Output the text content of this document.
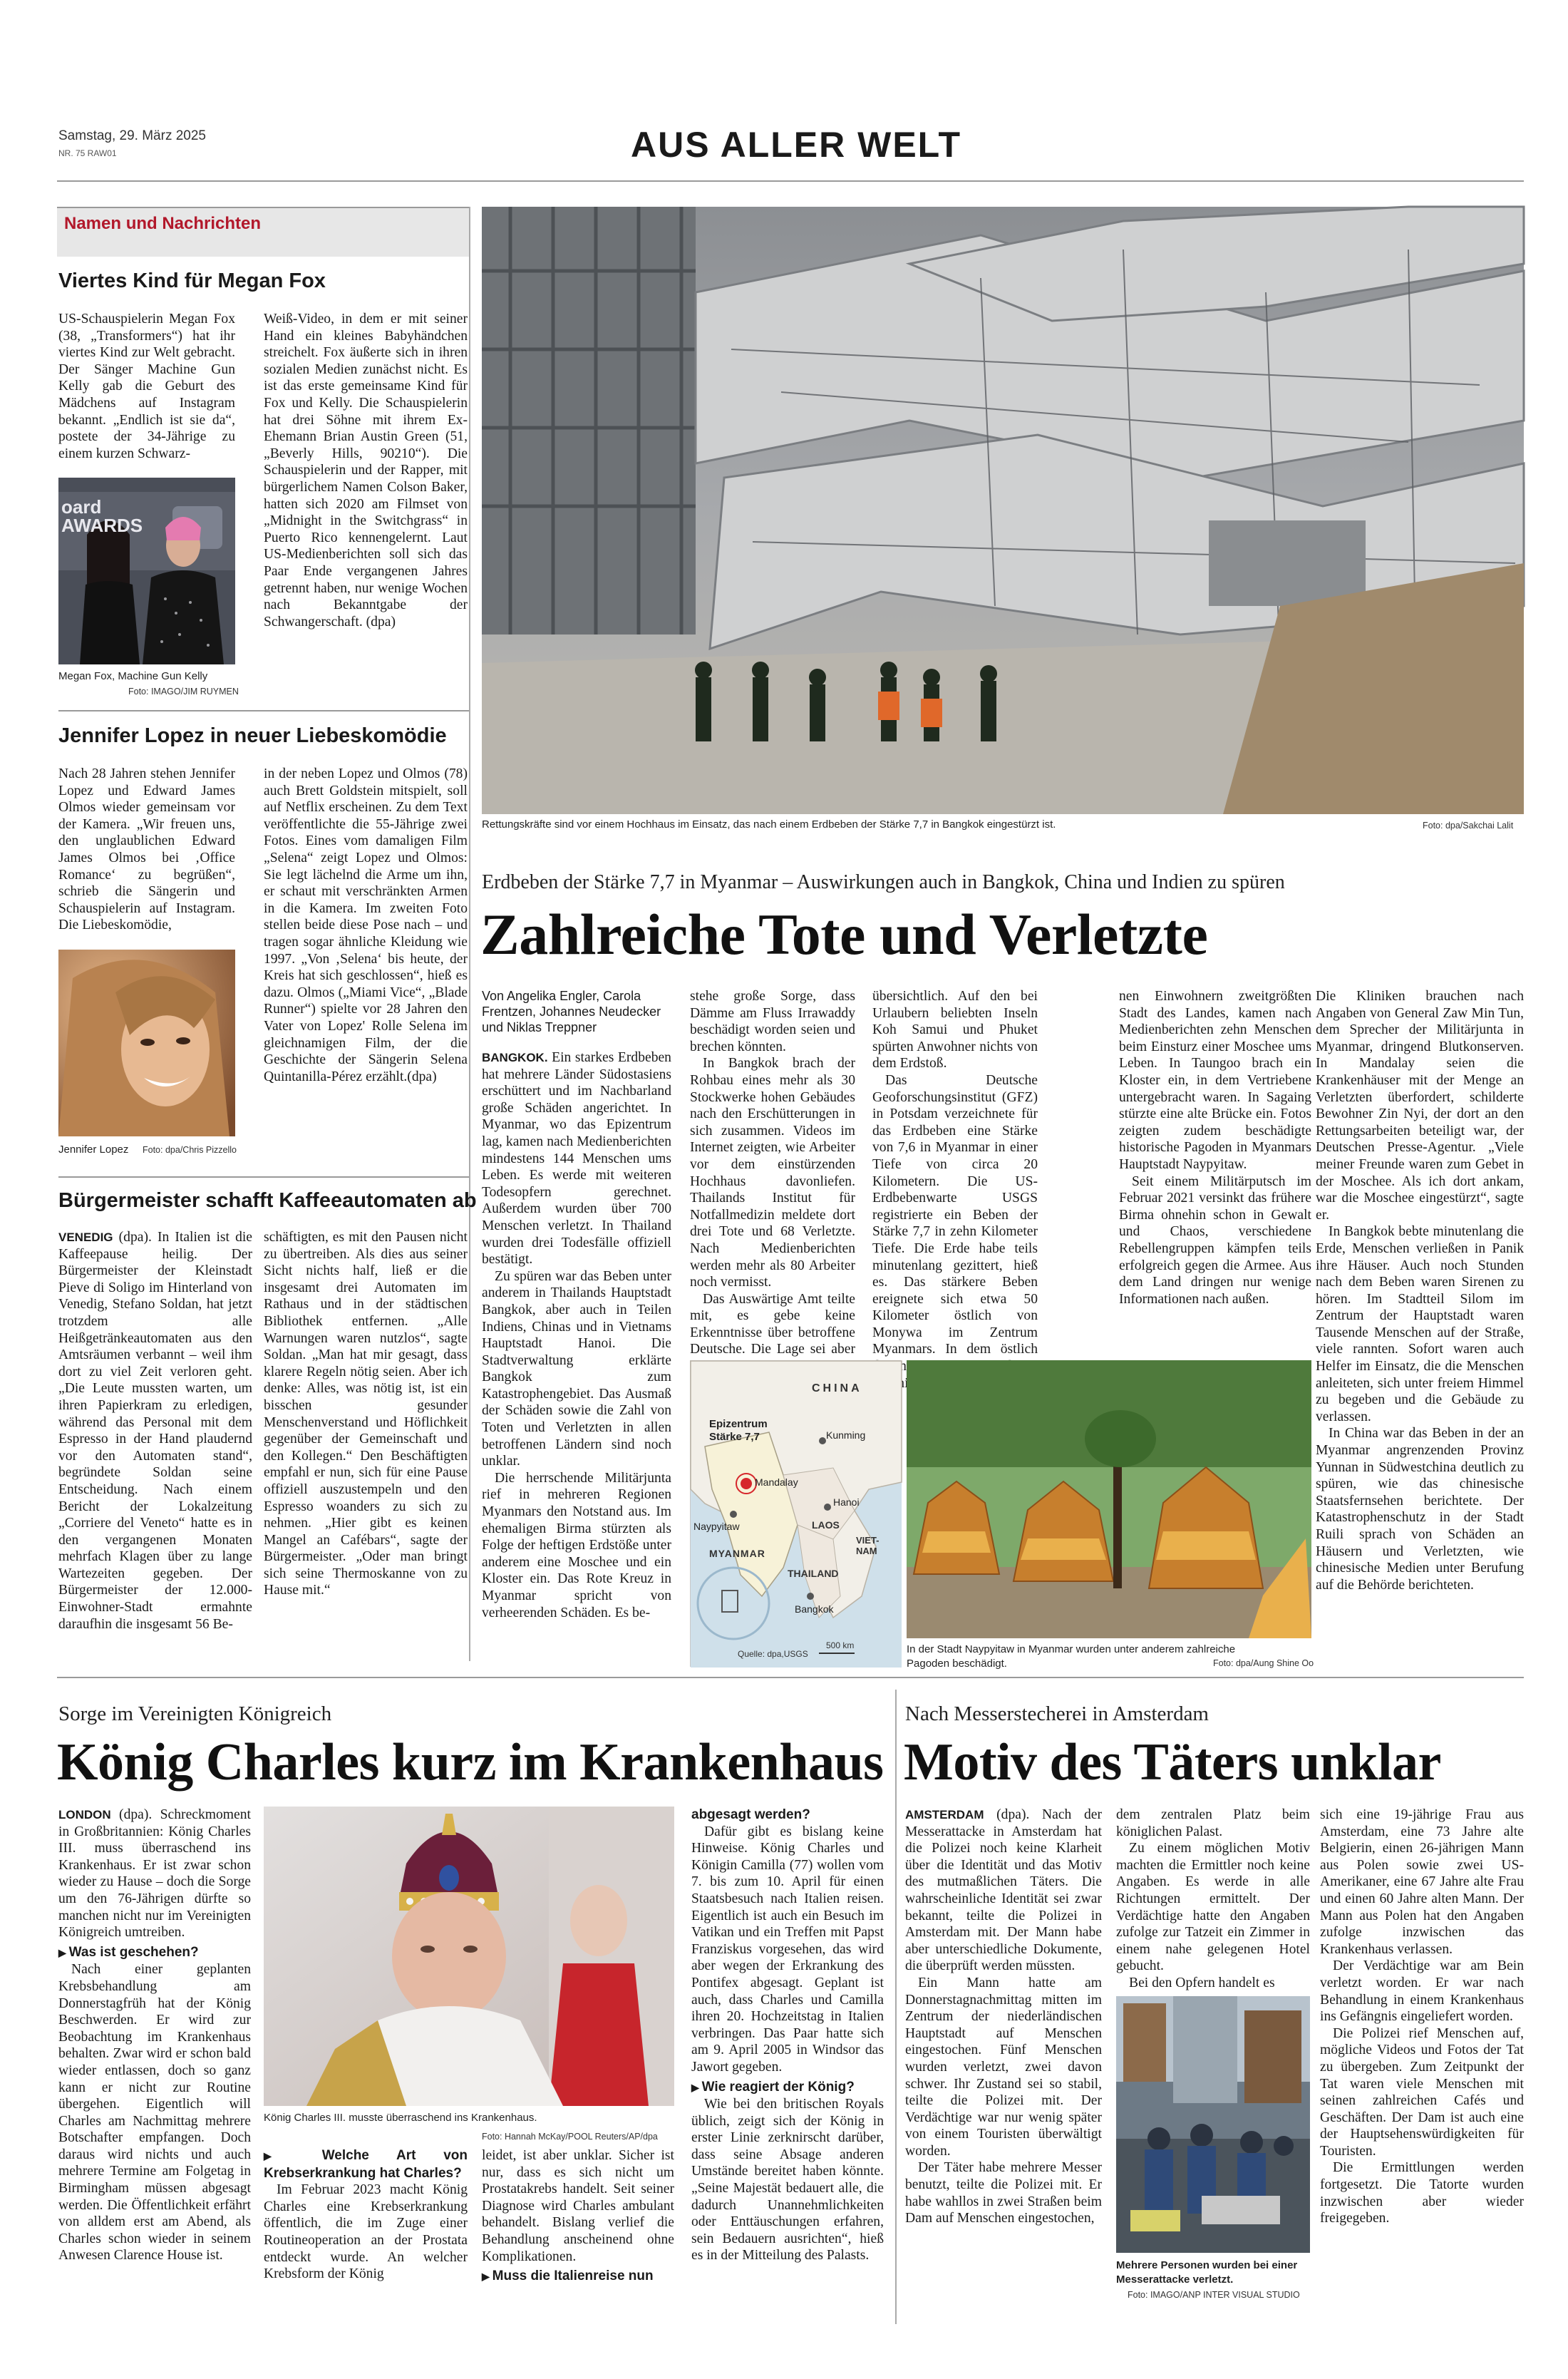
Samstag, 29. März 2025
NR. 75 RAW01	AUS ALLER WELT
Namen und Nachrichten
Viertes Kind für Megan Fox

US-Schauspielerin Megan Fox (38, „Transformers“) hat ihr viertes Kind zur Welt gebracht. Der Sänger Machine Gun Kelly gab die Geburt des Mädchens auf Instagram bekannt. „Endlich ist sie da“, postete der 34-Jährige zu einem kurzen Schwarz-

oard AWARDS
Megan Fox, Machine Gun Kelly
Foto: IMAGO/JIM RUYMEN

Weiß-Video, in dem er mit seiner Hand ein kleines Babyhändchen streichelt. Fox äußerte sich in ihren sozialen Medien zunächst nicht. Es ist das erste gemeinsame Kind für Fox und Kelly. Die Schauspielerin hat drei Söhne mit ihrem Ex-Ehemann Brian Austin Green (51, „Beverly Hills, 90210“). Die Schauspielerin und der Rapper, mit bürgerlichem Namen Colson Baker, hatten sich 2020 am Filmset von „Midnight in the Switchgrass“ in Puerto Rico kennengelernt. Laut US-Medienberichten soll sich das Paar Ende vergangenen Jahres getrennt haben, nur wenige Wochen nach Bekanntgabe der Schwangerschaft. (dpa)

Jennifer Lopez in neuer Liebeskomödie

Nach 28 Jahren stehen Jennifer Lopez und Edward James Olmos wieder gemeinsam vor der Kamera. „Wir freuen uns, den unglaublichen Edward James Olmos bei ‚Office Romance‘ zu begrüßen“, schrieb die Sängerin und Schauspielerin auf Instagram. Die Liebeskomödie,

Jennifer Lopez Foto: dpa/Chris Pizzello

in der neben Lopez und Olmos (78) auch Brett Goldstein mitspielt, soll auf Netflix erscheinen. Zu dem Text veröffentlichte die 55-Jährige zwei Fotos. Eines vom damaligen Film „Selena“ zeigt Lopez und Olmos: Sie legt lächelnd die Arme um ihn, er schaut mit verschränkten Armen in die Kamera. Im zweiten Foto stellen beide diese Pose nach – und tragen sogar ähnliche Kleidung wie 1997. „Von ‚Selena‘ bis heute, der Kreis hat sich geschlossen“, hieß es dazu. Olmos („Miami Vice“, „Blade Runner“) spielte vor 28 Jahren den Vater von Lopez' Rolle Selena im gleichnamigen Film, der die Geschichte der Sängerin Selena Quintanilla-Pérez erzählt.(dpa)

Bürgermeister schafft Kaffeeautomaten ab

VENEDIG (dpa). In Italien ist die Kaffeepause heilig. Der Bürgermeister der Kleinstadt Pieve di Soligo im Hinterland von Venedig, Stefano Soldan, hat jetzt trotzdem alle Heißgetränkeautomaten aus den Amtsräumen verbannt – weil ihm dort zu viel Zeit verloren geht. „Die Leute mussten warten, um ihren Papierkram zu erledigen, während das Personal mit dem Espresso in der Hand plaudernd vor den Automaten stand“, begründete Soldan seine Entscheidung. Nach einem Bericht der Lokalzeitung „Corriere del Veneto“ hatte es in den vergangenen Monaten mehrfach Klagen über zu lange Wartezeiten gegeben. Der Bürgermeister der 12.000-Einwohner-Stadt ermahnte daraufhin die insgesamt 56 Be-

schäftigten, es mit den Pausen nicht zu übertreiben. Als dies aus seiner Sicht nichts half, ließ er die insgesamt drei Automaten im Rathaus und in der städtischen Bibliothek entfernen. „Alle Warnungen waren nutzlos“, sagte Soldan. „Man hat mir gesagt, dass klarere Regeln nötig seien. Aber ich denke: Alles, was nötig ist, ist ein bisschen gesunder Menschenverstand und Höflichkeit gegenüber der Gemeinschaft und den Kollegen.“ Den Beschäftigten empfahl er nun, sich für eine Pause offiziell auszustempeln und den Espresso woanders zu sich zu nehmen. „Hier gibt es keinen Mangel an Cafébars“, sagte der Bürgermeister. „Oder man bringt sich seine Thermoskanne von zu Hause mit.“

Rettungskräfte sind vor einem Hochhaus im Einsatz, das nach einem Erdbeben der Stärke 7,7 in Bangkok eingestürzt ist.	Foto: dpa/Sakchai Lalit
Erdbeben der Stärke 7,7 in Myanmar – Auswirkungen auch in Bangkok, China und Indien zu spüren
Zahlreiche Tote und Verletzte

Von Angelika Engler, Carola Frentzen, Johannes Neudecker und Niklas Treppner

BANGKOK. Ein starkes Erdbeben hat mehrere Länder Südostasiens erschüttert und im Nachbarland große Schäden angerichtet. In Myanmar, wo das Epizentrum lag, kamen nach Medienberichten mindestens 144 Menschen ums Leben. Es werde mit weiteren Todesopfern gerechnet. Außerdem wurden über 700 Menschen verletzt. In Thailand wurden drei Todesfälle offiziell bestätigt.

Zu spüren war das Beben unter anderem in Thailands Hauptstadt Bangkok, aber auch in Teilen Indiens, Chinas und in Vietnams Hauptstadt Hanoi. Die Stadtverwaltung erklärte Bangkok zum Katastrophengebiet. Das Ausmaß der Schäden sowie die Zahl von Toten und Verletzten in allen betroffenen Ländern sind noch unklar.

Die herrschende Militärjunta rief in mehreren Regionen Myanmars den Notstand aus. Im ehemaligen Birma stürzten als Folge der heftigen Erdstöße unter anderem eine Moschee und ein Kloster ein. Das Rote Kreuz in Myanmar spricht von verheerenden Schäden. Es be-

stehe große Sorge, dass Dämme am Fluss Irrawaddy beschädigt worden seien und brechen könnten.

In Bangkok brach der Rohbau eines mehr als 30 Stockwerke hohen Gebäudes nach den Erschütterungen in sich zusammen. Videos im Internet zeigten, wie Arbeiter vor dem einstürzenden Hochhaus davonliefen. Thailands Institut für Notfallmedizin meldete dort drei Tote und 68 Verletzte. Nach Medienberichten werden mehr als 80 Arbeiter noch vermisst.

Das Auswärtige Amt teilte mit, es gebe keine Erkenntnisse über betroffene Deutsche. Die Lage sei aber

übersichtlich. Auf den bei Urlaubern beliebten Inseln Koh Samui und Phuket spürten Anwohner nichts von dem Erdstoß.

Das Deutsche Geoforschungsinstitut (GFZ) in Potsdam verzeichnete für das Erdbeben eine Stärke von 7,6 in Myanmar in einer Tiefe von circa 20 Kilometern. Die US-Erdbebenwarte USGS registrierte ein Beben der Stärke 7,7 in zehn Kilometer Tiefe. Die Erde habe teils minutenlang gezittert, hieß es. Das stärkere Beben ereignete sich etwa 50 Kilometer östlich von Monywa im Zentrum Myanmars. In dem östlich mit

nen Einwohnern zweitgrößten Stadt des Landes, kamen nach Medienberichten zehn Menschen beim Einsturz einer Moschee ums Leben. In Taungoo brach ein Kloster ein, in dem Vertriebene untergebracht waren. In Sagaing stürzte eine alte Brücke ein. Fotos zeigten zudem beschädigte historische Pagoden in Myanmars Hauptstadt Naypyitaw.

Seit einem Militärputsch im Februar 2021 versinkt das frühere Birma ohnehin schon in Gewalt und Chaos, verschiedene Rebellengruppen kämpfen teils erfolgreich gegen die Armee. Aus dem Land dringen nur wenige Informationen nach außen.

Die Kliniken brauchen nach Angaben von General Zaw Min Tun, dem Sprecher der Militärjunta in Myanmar, dringend Blutkonserven. In Mandalay seien die Krankenhäuser mit der Menge an Verletzten überfordert, schilderte Bewohner Zin Nyi, der dort an den Rettungsarbeiten beteiligt war, der Deutschen Presse-Agentur. „Viele meiner Freunde waren zum Gebet in der Moschee. Als ich dort ankam, war die Moschee eingestürzt“, sagte er.

In Bangkok bebte minutenlang die Erde, Menschen verließen in Panik ihre Häuser. Auch noch Stunden nach dem Beben waren Sirenen zu hören. Im Stadtteil Silom im Zentrum der Hauptstadt waren Tausende Menschen auf der Straße, viele rannten. Sofort waren auch Helfer im Einsatz, die die Menschen anleiteten, sich unter freiem Himmel zu begeben und die Gebäude zu verlassen.

In China war das Beben in der an Myanmar angrenzenden Provinz Yunnan in Südwestchina deutlich zu spüren, wie das chinesische Staatsfernsehen berichtete. Der Katastrophenschutz in der Stadt Ruili sprach von Schäden an Häusern und Verletzten, wie chinesische Medien unter Berufung auf die Behörde berichteten.

CHINA
Epizentrum Stärke 7,7	Kunming
Mandalay
Hanoi
Naypyitaw	LAOS
MYANMAR
VIET-NAM
THAILAND
Bangkok
Quelle: dpa,USGS
500 km	In der Stadt Naypyitaw in Myanmar wurden unter anderem zahlreiche Pagoden beschädigt.	Foto: dpa/Aung Shine Oo
Sorge im Vereinigten Königreich
König Charles kurz im Krankenhaus

LONDON (dpa). Schreckmoment in Großbritannien: König Charles III. muss überraschend ins Krankenhaus. Er ist zwar schon wieder zu Hause – doch die Sorge um den 76-Jährigen dürfte so manchen nicht nur im Vereinigten Königreich umtreiben.

▶ Was ist geschehen?

Nach einer geplanten Krebsbehandlung am Donnerstagfrüh hat der König Beschwerden. Er wird zur Beobachtung im Krankenhaus behalten. Zwar wird er schon bald wieder entlassen, doch so ganz kann er nicht zur Routine übergehen. Eigentlich will Charles am Nachmittag mehrere Botschafter empfangen. Doch daraus wird nichts und auch mehrere Termine am Folgetag in Birmingham müssen abgesagt werden. Die Öffentlichkeit erfährt von alldem erst am Abend, als Charles schon wieder in seinem Anwesen Clarence House ist.

König Charles III. musste überraschend ins Krankenhaus.
Foto: Hannah McKay/POOL Reuters/AP/dpa
▶ Welche Art von Krebserkrankung hat Charles?

Im Februar 2023 macht König Charles eine Krebserkrankung öffentlich, die im Zuge einer Routineoperation an der Prostata entdeckt wurde. An welcher Krebsform der König

leidet, ist aber unklar. Sicher ist nur, dass es sich nicht um Prostatakrebs handelt. Seit seiner Diagnose wird Charles ambulant behandelt. Bislang verlief die Behandlung anscheinend ohne Komplikationen.

▶ Muss die Italienreise nun
abgesagt werden?

Dafür gibt es bislang keine Hinweise. König Charles und Königin Camilla (77) wollen vom 7. bis zum 10. April für einen Staatsbesuch nach Italien reisen. Eigentlich ist auch ein Besuch im Vatikan und ein Treffen mit Papst Franziskus vorgesehen, das wird aber wegen der Erkrankung des Pontifex abgesagt. Geplant ist auch, dass Charles und Camilla ihren 20. Hochzeitstag in Italien verbringen. Das Paar hatte sich am 9. April 2005 in Windsor das Jawort gegeben.

▶ Wie reagiert der König?

Wie bei den britischen Royals üblich, zeigt sich der König in erster Linie zerknirscht darüber, dass seine Absage anderen Umstände bereitet haben könnte. „Seine Majestät bedauert alle, die dadurch Unannehmlichkeiten oder Enttäuschungen erfahren, sein Bedauern ausrichten“, hieß es in der Mitteilung des Palasts.

Nach Messerstecherei in Amsterdam
Motiv des Täters unklar

AMSTERDAM (dpa). Nach der Messerattacke in Amsterdam hat die Polizei noch keine Klarheit über die Identität und das Motiv des mutmaßlichen Täters. Die wahrscheinliche Identität sei zwar bekannt, teilte die Polizei in Amsterdam mit. Der Mann habe aber unterschiedliche Dokumente, die überprüft werden müssten.

Ein Mann hatte am Donnerstagnachmittag mitten im Zentrum der niederländischen Hauptstadt auf Menschen eingestochen. Fünf Menschen wurden verletzt, zwei davon schwer. Ihr Zustand sei so stabil, teilte die Polizei mit. Der Verdächtige war nur wenig später von einem Touristen überwältigt worden.

Der Täter habe mehrere Messer benutzt, teilte die Polizei mit. Er habe wahllos in zwei Straßen beim Dam auf Menschen eingestochen,

dem zentralen Platz beim königlichen Palast.

Zu einem möglichen Motiv machten die Ermittler noch keine Angaben. Es werde in alle Richtungen ermittelt. Der Verdächtige hatte den Angaben zufolge zur Tatzeit ein Zimmer in einem nahe gelegenen Hotel gebucht.

Bei den Opfern handelt es

Mehrere Personen wurden bei einer Messerattacke verletzt.
Foto: IMAGO/ANP INTER VISUAL STUDIO

sich eine 19-jährige Frau aus Amsterdam, eine 73 Jahre alte Belgierin, einen 26-jährigen Mann aus Polen sowie zwei US-Amerikaner, eine 67 Jahre alte Frau und einen 60 Jahre alten Mann. Der Mann aus Polen hat den Angaben zufolge inzwischen das Krankenhaus verlassen.

Der Verdächtige war am Bein verletzt worden. Er war nach Behandlung in einem Krankenhaus ins Gefängnis eingeliefert worden.

Die Polizei rief Menschen auf, mögliche Videos und Fotos der Tat zu übergeben. Zum Zeitpunkt der Tat waren viele Menschen mit seinen zahlreichen Cafés und Geschäften. Der Dam ist auch eine der Hauptsehenswürdigkeiten für Touristen.

Die Ermittlungen werden fortgesetzt. Die Tatorte wurden inzwischen aber wieder freigegeben.
